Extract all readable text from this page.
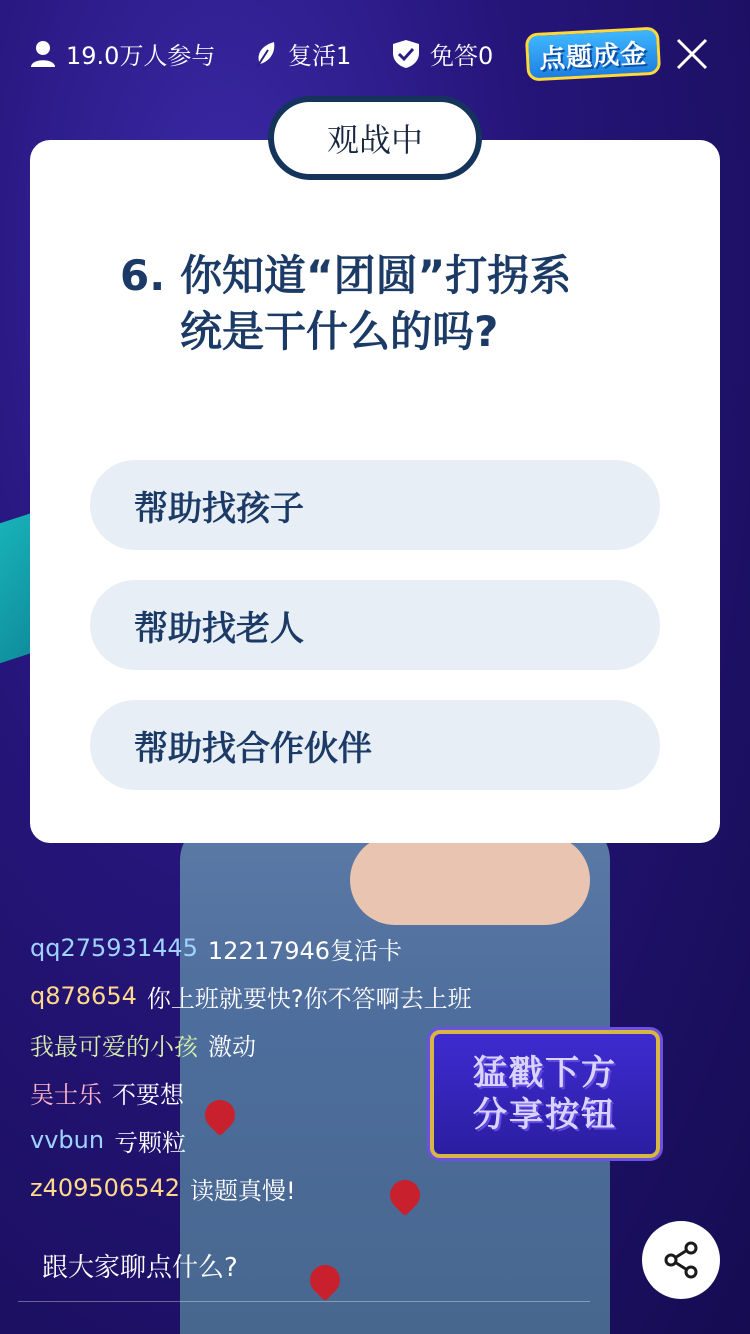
猛戳下方
分享按钮
19.0万人参与	复活1	免答0 点题成金
观战中
6. 你知道“团圆”打拐系
统是干什么的吗?
帮助找孩子
帮助找老人
帮助找合作伙伴
qq275931445 12217946复活卡
q878654 你上班就要快?你不答啊去上班
我最可爱的小孩 激动
吴士乐 不要想
vvbun 亏颗粒
z409506542 读题真慢!
跟大家聊点什么?
